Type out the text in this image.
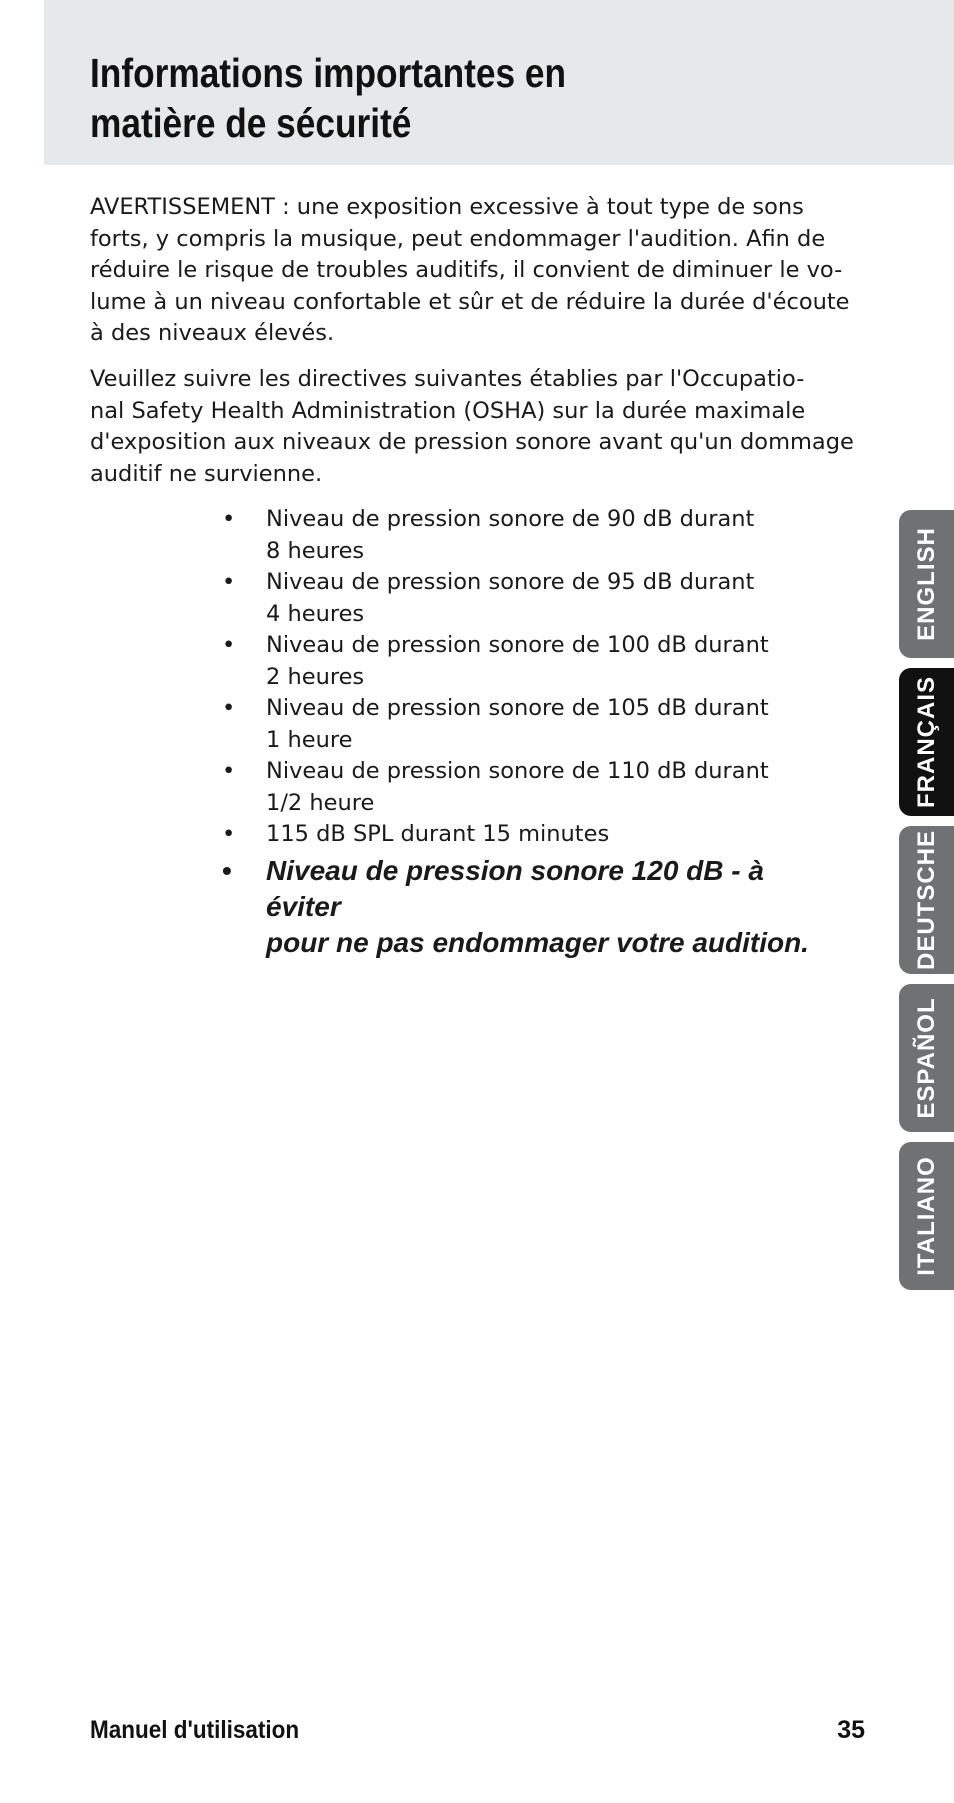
Informations importantes en
matière de sécurité

AVERTISSEMENT : une exposition excessive à tout type de sons
forts, y compris la musique, peut endommager l'audition. Afin de
réduire le risque de troubles auditifs, il convient de diminuer le vo-
lume à un niveau confortable et sûr et de réduire la durée d'écoute
à des niveaux élevés.

Veuillez suivre les directives suivantes établies par l'Occupatio-
nal Safety Health Administration (OSHA) sur la durée maximale
d'exposition aux niveaux de pression sonore avant qu'un dommage
auditif ne survienne.

• Niveau de pression sonore de 90 dB durant
8 heures
• Niveau de pression sonore de 95 dB durant
4 heures
• Niveau de pression sonore de 100 dB durant
2 heures
• Niveau de pression sonore de 105 dB durant
1 heure
• Niveau de pression sonore de 110 dB durant
1/2 heure
• 115 dB SPL durant 15 minutes
•	Niveau de pression sonore 120 dB - à éviter
pour ne pas endommager votre audition.
ENGLISH
FRANÇAIS
DEUTSCHE
ESPAÑOL
ITALIANO
Manuel d'utilisation	35
